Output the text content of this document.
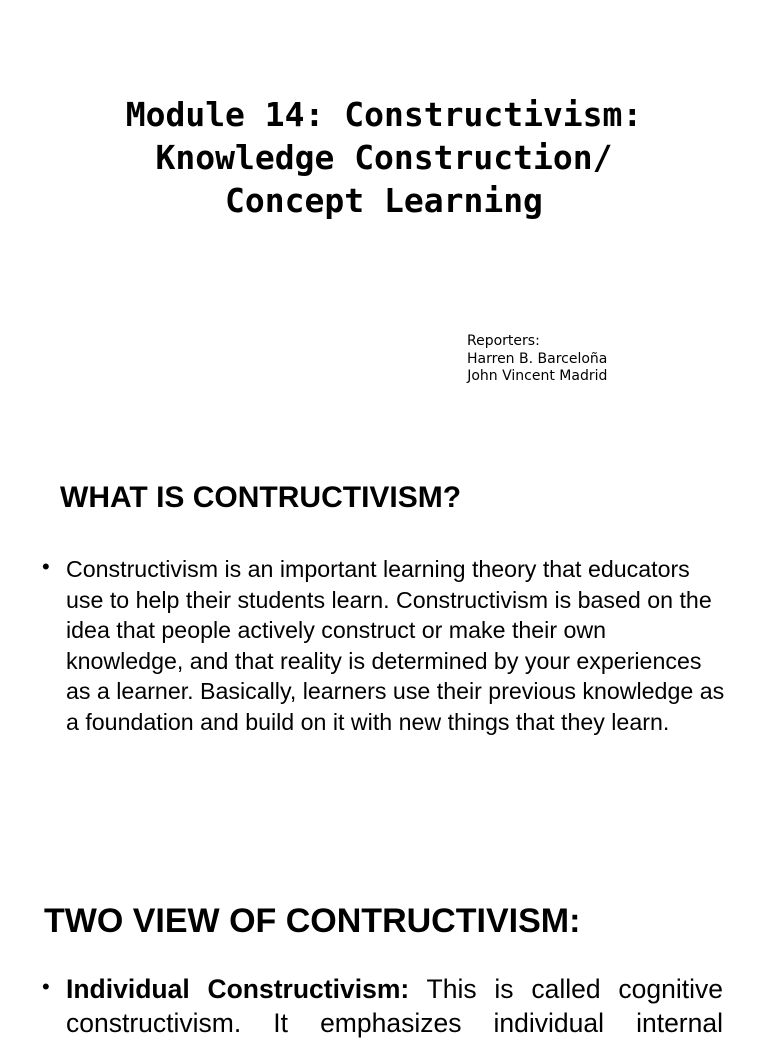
Module 14: Constructivism:
Knowledge Construction/
Concept Learning
Reporters:
Harren B. Barceloña
John Vincent Madrid
WHAT IS CONTRUCTIVISM?
• Constructivism is an important learning theory that educators use to help their students learn. Constructivism is based on the idea that people actively construct or make their own knowledge, and that reality is determined by your experiences as a learner. Basically, learners use their previous knowledge as a foundation and build on it with new things that they learn.

TWO VIEW OF CONTRUCTIVISM:
• Individual Constructivism: This is called cognitive constructivism. It emphasizes individual internal
